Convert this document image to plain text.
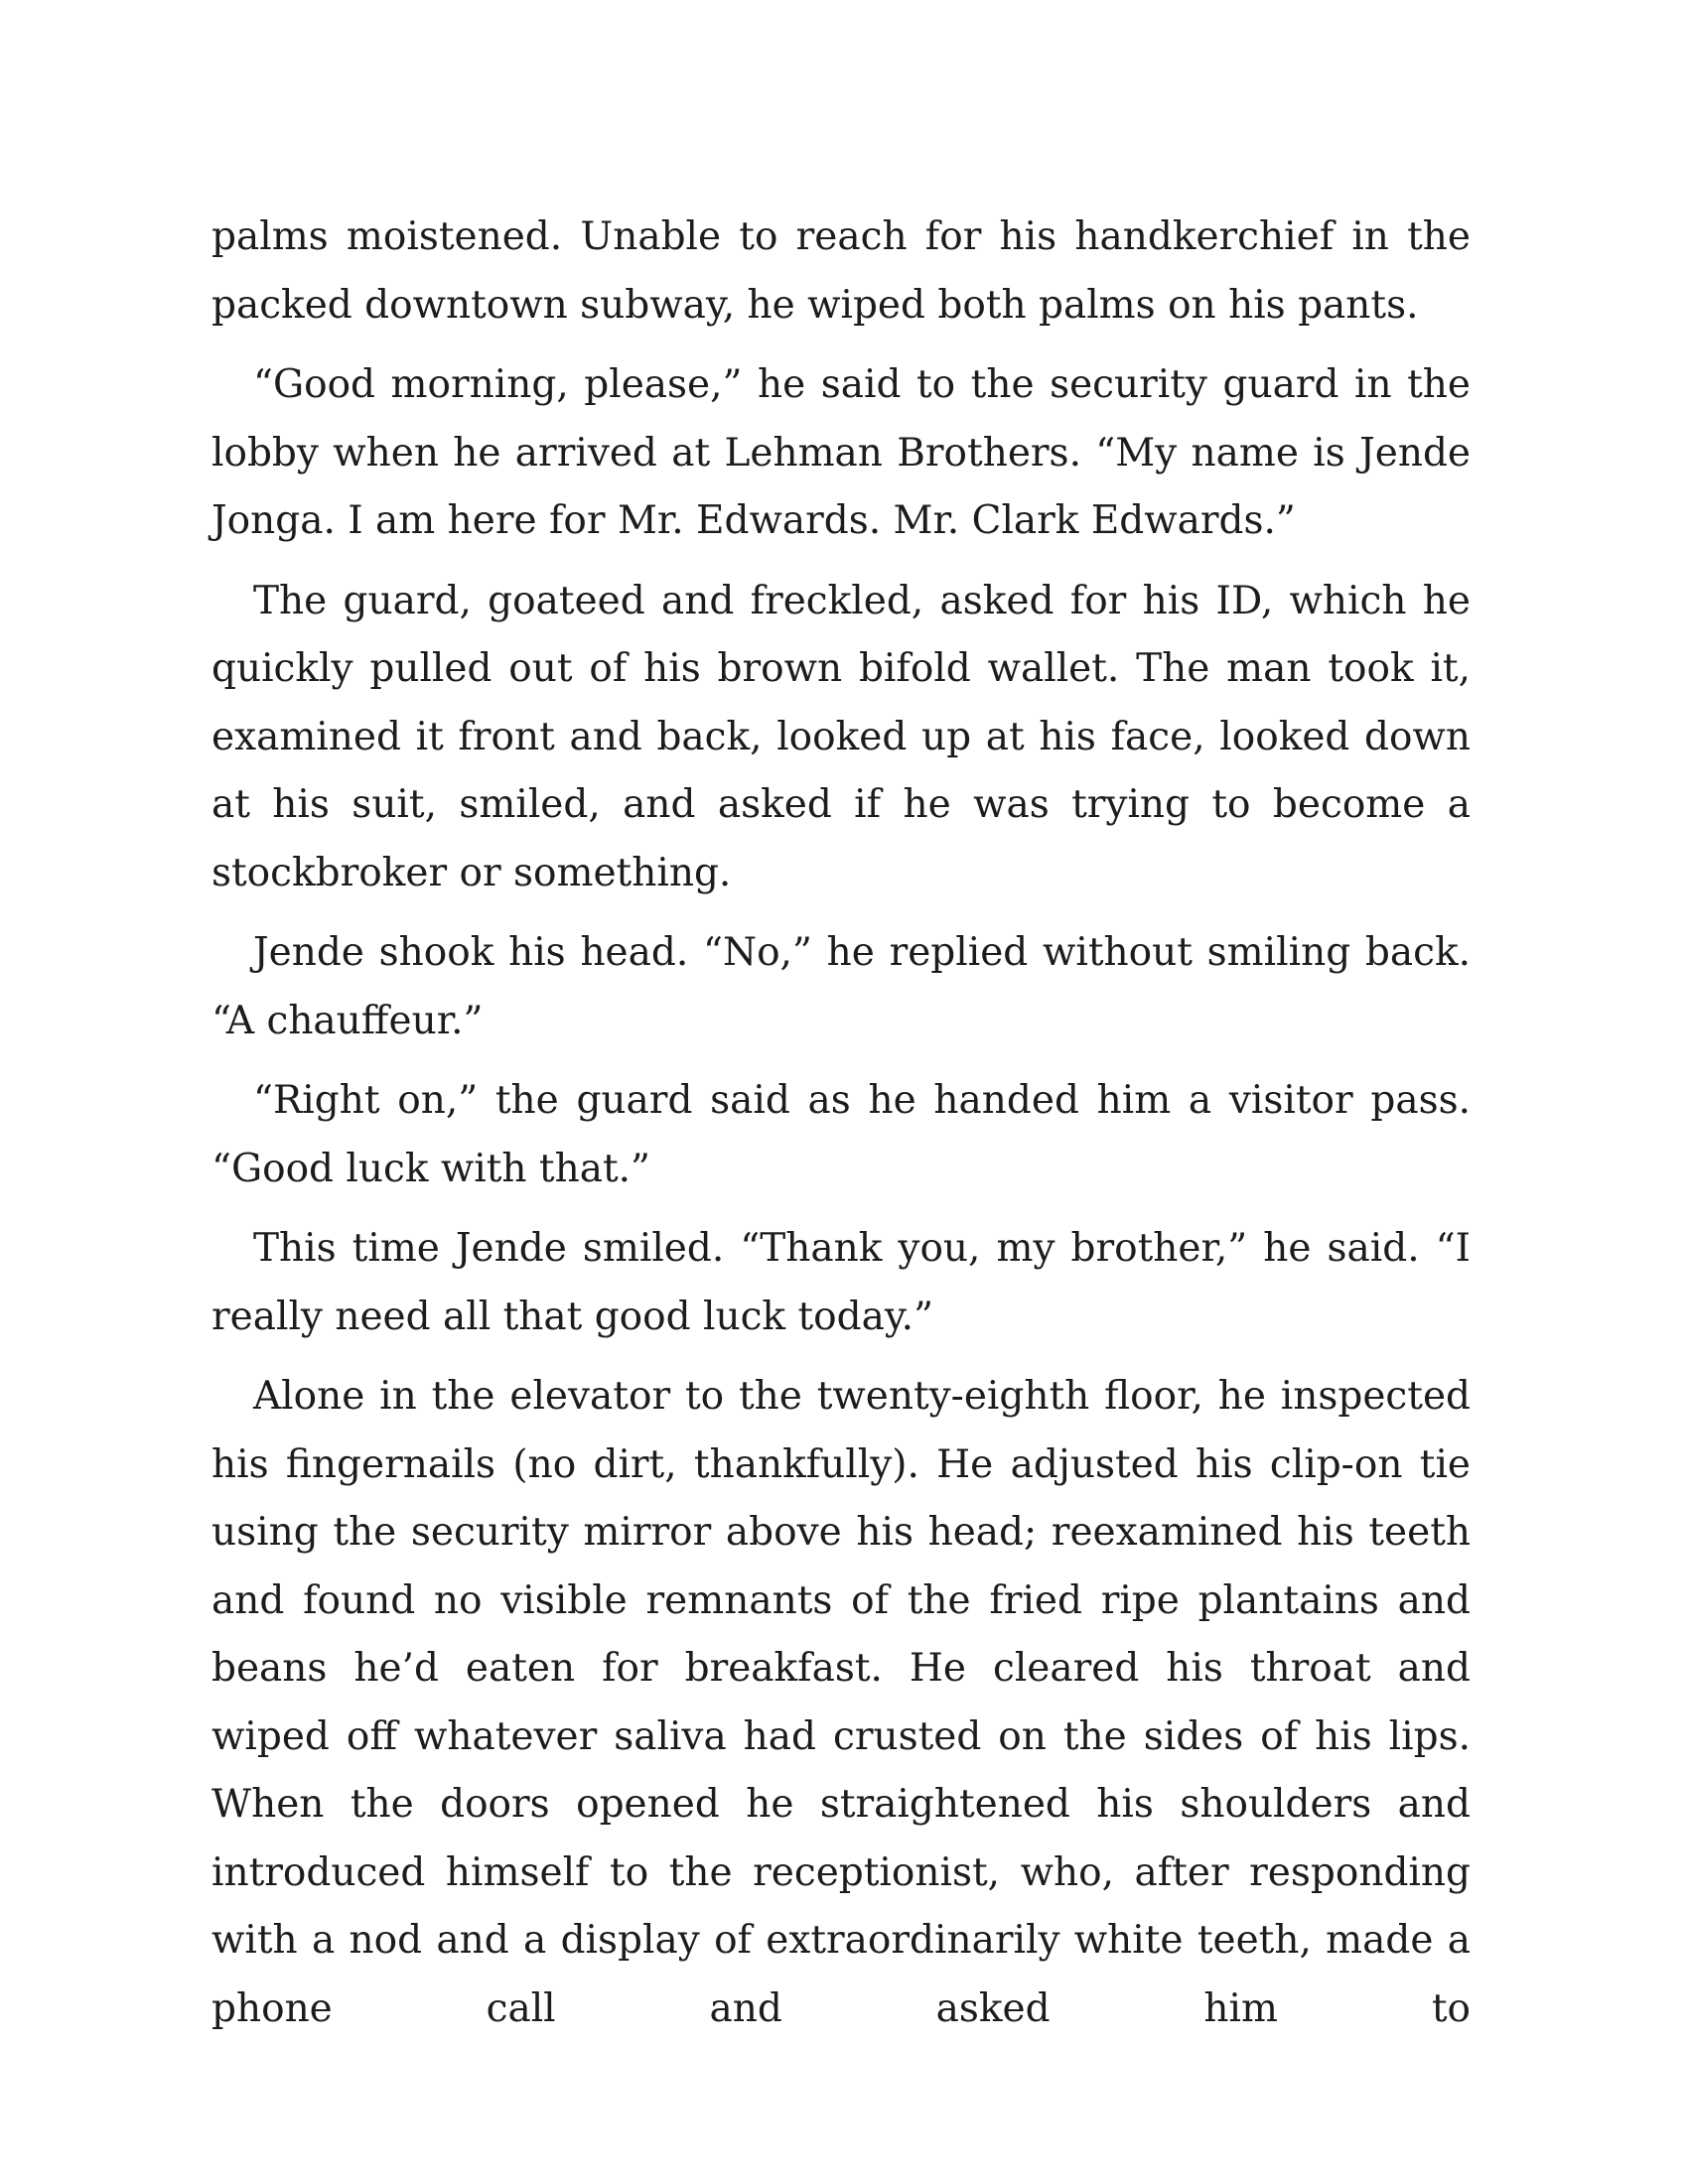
palms moistened. Unable to reach for his handkerchief in the packed downtown subway, he wiped both palms on his pants.

“Good morning, please,” he said to the security guard in the lobby when he arrived at Lehman Brothers. “My name is Jende Jonga. I am here for Mr. Edwards. Mr. Clark Edwards.”

The guard, goateed and freckled, asked for his ID, which he quickly pulled out of his brown bifold wallet. The man took it, examined it front and back, looked up at his face, looked down at his suit, smiled, and asked if he was trying to become a stockbroker or something.

Jende shook his head. “No,” he replied without smiling back. “A chauffeur.”

“Right on,” the guard said as he handed him a visitor pass. “Good luck with that.”

This time Jende smiled. “Thank you, my brother,” he said. “I really need all that good luck today.”

Alone in the elevator to the twenty-eighth floor, he inspected his fingernails (no dirt, thankfully). He adjusted his clip-on tie using the security mirror above his head; reexamined his teeth and found no visible remnants of the fried ripe plantains and beans he’d eaten for breakfast. He cleared his throat and wiped off whatever saliva had crusted on the sides of his lips. When the doors opened he straightened his shoulders and introduced himself to the receptionist, who, after responding with a nod and a display of extraordinarily white teeth, made a phone call and asked him to
